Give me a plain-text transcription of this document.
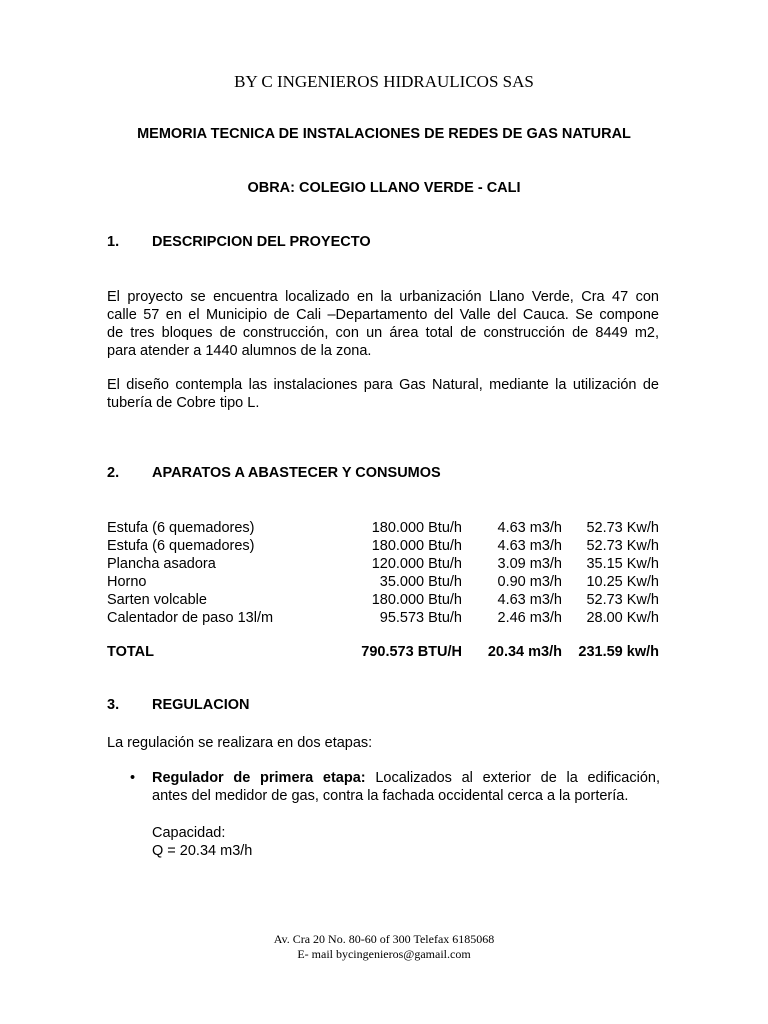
BY C INGENIEROS HIDRAULICOS SAS
MEMORIA TECNICA DE INSTALACIONES DE REDES DE GAS NATURAL
OBRA: COLEGIO LLANO VERDE - CALI
1. DESCRIPCION DEL PROYECTO
El proyecto se encuentra localizado en la urbanización Llano Verde, Cra 47 con
calle 57 en el Municipio de Cali –Departamento del Valle del Cauca. Se compone
de tres bloques de construcción, con un área total de construcción de 8449 m2,
para atender a 1440 alumnos de la zona.
El diseño contempla las instalaciones para Gas Natural, mediante la utilización de
tubería de Cobre tipo L.
2. APARATOS A ABASTECER Y CONSUMOS
Estufa (6 quemadores)	180.000 Btu/h	4.63 m3/h	52.73 Kw/h
Estufa (6 quemadores)	180.000 Btu/h	4.63 m3/h	52.73 Kw/h
Plancha asadora	120.000 Btu/h	3.09 m3/h	35.15 Kw/h
Horno	35.000 Btu/h	0.90 m3/h	10.25 Kw/h
Sarten volcable	180.000 Btu/h	4.63 m3/h	52.73 Kw/h
Calentador de paso 13l/m	95.573 Btu/h	2.46 m3/h	28.00 Kw/h
TOTAL	790.573 BTU/H	20.34 m3/h	231.59 kw/h
3. REGULACION
La regulación se realizara en dos etapas:
• Regulador de primera etapa: Localizados al exterior de la edificación,
antes del medidor de gas, contra la fachada occidental cerca a la portería.
Capacidad:
Q = 20.34 m3/h
Av. Cra 20 No. 80-60 of 300 Telefax 6185068
E- mail bycingenieros@gamail.com
